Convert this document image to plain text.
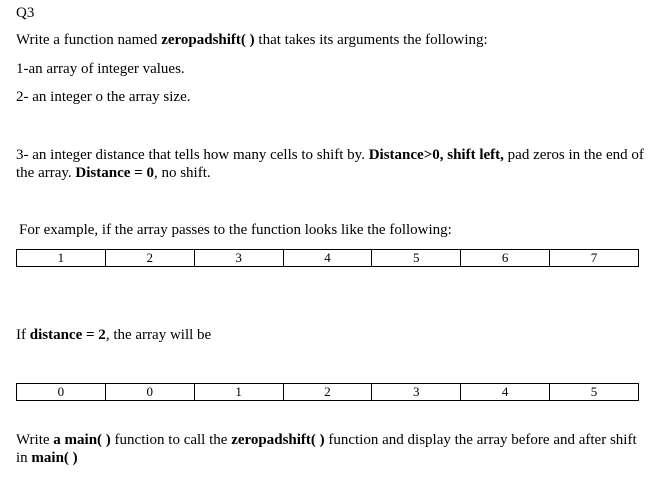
Q3
Write a function named zeropadshift( ) that takes its arguments the following:
1-an array of integer values.
2- an integer o the array size.
3- an integer distance that tells how many cells to shift by. Distance>0, shift left, pad zeros in the end of the array. Distance = 0, no shift.
For example, if the array passes to the function looks like the following:
1	2	3	4	5	6	7
If distance = 2, the array will be
0	0	1	2	3	4	5
Write a main( ) function to call the zeropadshift( ) function and display the array before and after shift in main( )
